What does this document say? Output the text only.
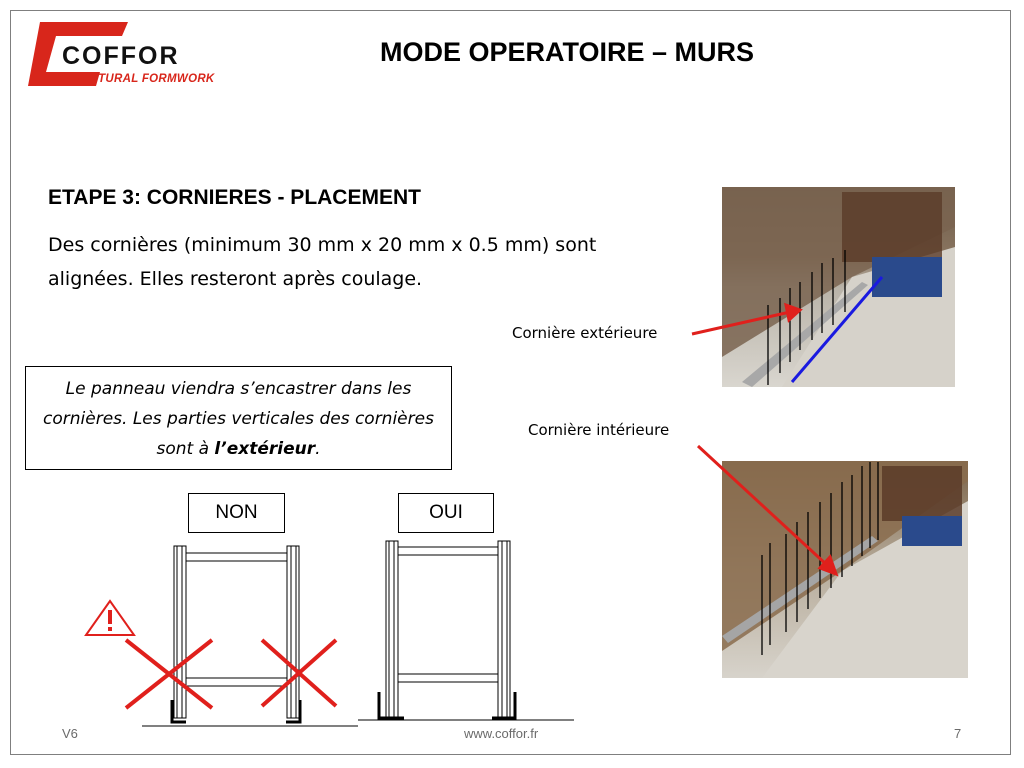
COFFOR
STRUCTURAL FORMWORK
MODE OPERATOIRE – MURS
ETAPE 3: CORNIERES - PLACEMENT
Des cornières (minimum 30 mm x 20 mm x 0.5 mm) sont alignées. Elles resteront après coulage.
Le panneau viendra s’encastrer dans les cornières. Les parties verticales des cornières sont à l’extérieur.
Cornière extérieure
Cornière intérieure
NON	OUI
V6	www.coffor.fr	7
